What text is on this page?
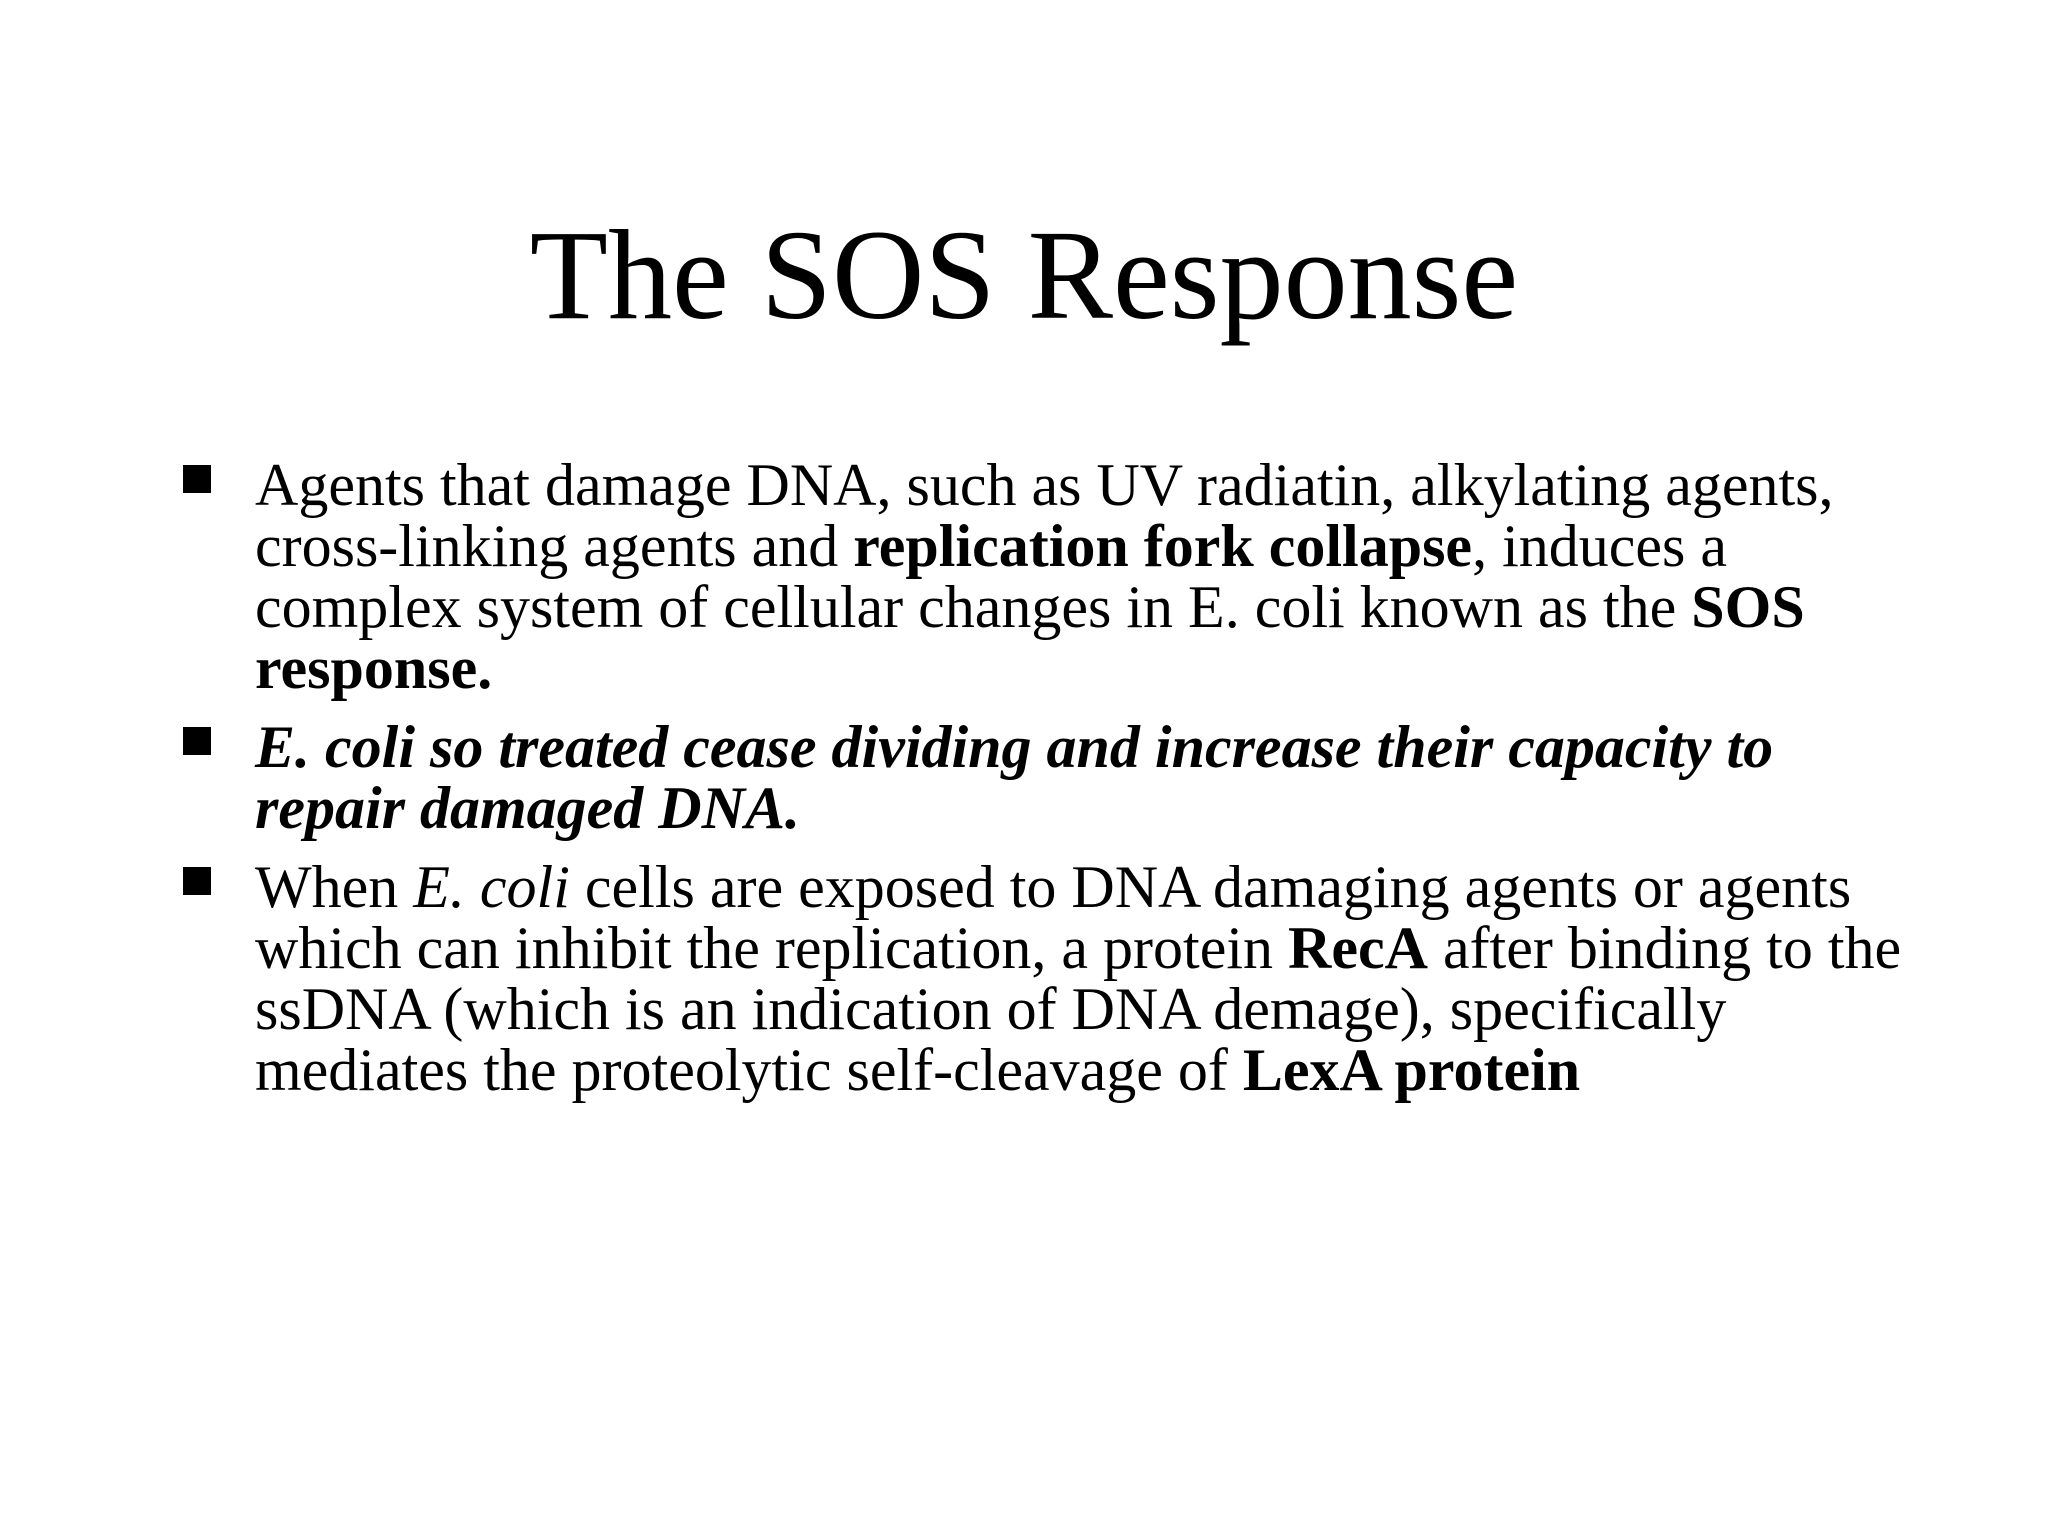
The SOS Response
Agents that damage DNA, such as UV radiatin, alkylating agents, cross-linking agents and replication fork collapse, induces a complex system of cellular changes in E. coli known as the SOS response.
E. coli so treated cease dividing and increase their capacity to repair damaged DNA.
When E. coli cells are exposed to DNA damaging agents or agents which can inhibit the replication, a protein RecA after binding to the ssDNA (which is an indication of DNA demage), specifically mediates the proteolytic self-cleavage of LexA protein
